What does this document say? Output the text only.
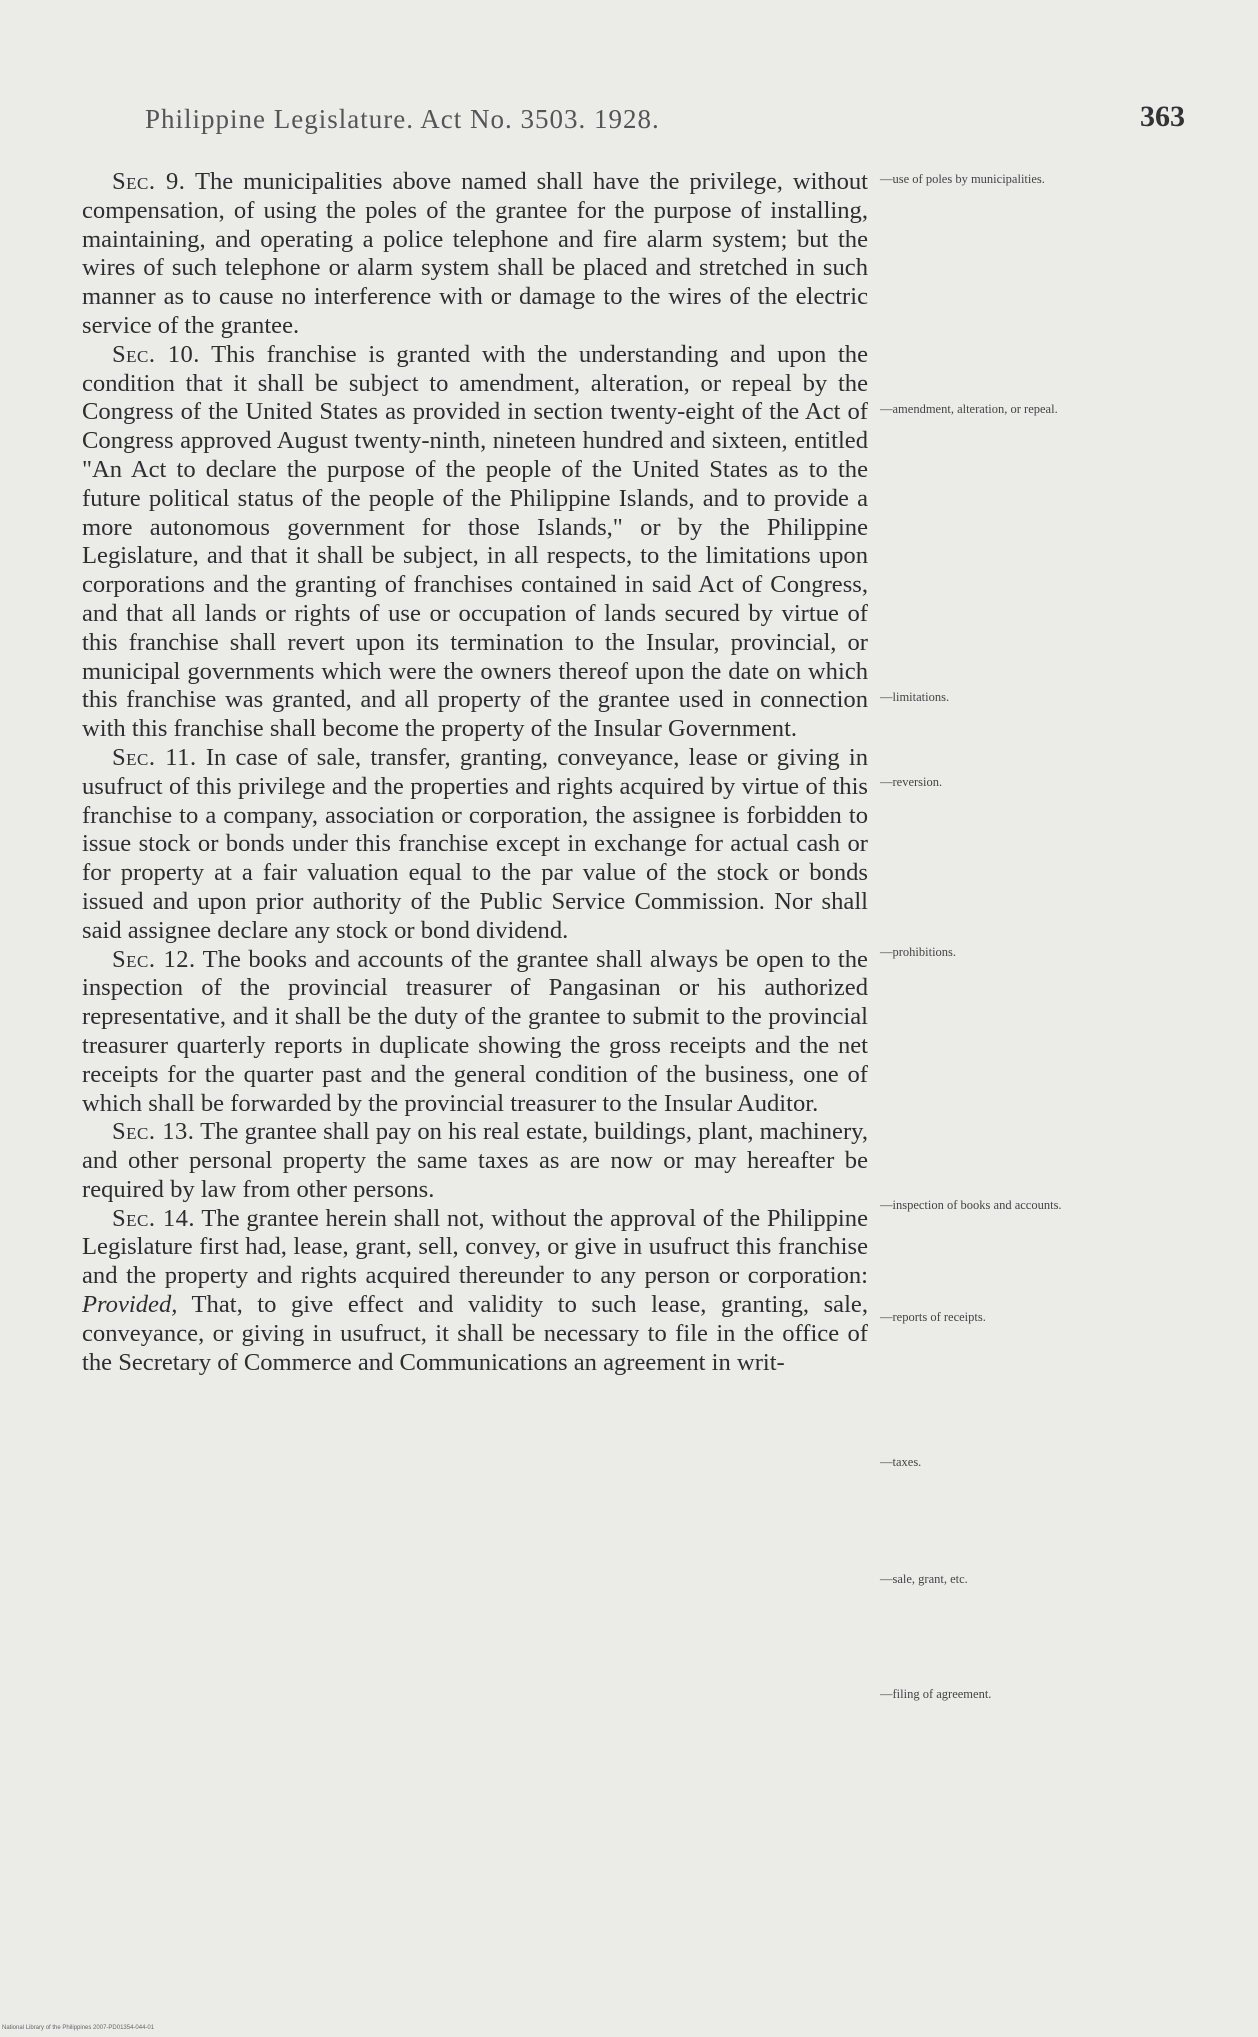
Philippine Legislature. Act No. 3503. 1928.	363

Sec. 9. The municipalities above named shall have the privilege, without compensation, of using the poles of the grantee for the purpose of installing, maintaining, and operating a police telephone and fire alarm system; but the wires of such telephone or alarm system shall be placed and stretched in such manner as to cause no interference with or damage to the wires of the electric service of the grantee.

Sec. 10. This franchise is granted with the understanding and upon the condition that it shall be subject to amendment, alteration, or repeal by the Congress of the United States as provided in section twenty-eight of the Act of Congress approved August twenty-ninth, nineteen hundred and sixteen, entitled "An Act to declare the purpose of the people of the United States as to the future political status of the people of the Philippine Islands, and to provide a more autonomous government for those Islands," or by the Philippine Legislature, and that it shall be subject, in all respects, to the limitations upon corporations and the granting of franchises contained in said Act of Congress, and that all lands or rights of use or occupation of lands secured by virtue of this franchise shall revert upon its termination to the Insular, provincial, or municipal governments which were the owners thereof upon the date on which this franchise was granted, and all property of the grantee used in connection with this franchise shall become the property of the Insular Government.

Sec. 11. In case of sale, transfer, granting, conveyance, lease or giving in usufruct of this privilege and the properties and rights acquired by virtue of this franchise to a company, association or corporation, the assignee is forbidden to issue stock or bonds under this franchise except in exchange for actual cash or for property at a fair valuation equal to the par value of the stock or bonds issued and upon prior authority of the Public Service Commission. Nor shall said assignee declare any stock or bond dividend.

Sec. 12. The books and accounts of the grantee shall always be open to the inspection of the provincial treasurer of Pangasinan or his authorized representative, and it shall be the duty of the grantee to submit to the provincial treasurer quarterly reports in duplicate showing the gross receipts and the net receipts for the quarter past and the general condition of the business, one of which shall be forwarded by the provincial treasurer to the Insular Auditor.

Sec. 13. The grantee shall pay on his real estate, buildings, plant, machinery, and other personal property the same taxes as are now or may hereafter be required by law from other persons.

Sec. 14. The grantee herein shall not, without the approval of the Philippine Legislature first had, lease, grant, sell, convey, or give in usufruct this franchise and the property and rights acquired thereunder to any person or corporation: Provided, That, to give effect and validity to such lease, granting, sale, conveyance, or giving in usufruct, it shall be necessary to file in the office of the Secretary of Commerce and Communications an agreement in writ-

—use of poles by municipalities.
—amendment, alteration, or repeal.
—limitations.
—reversion.
—prohibitions.
—inspection of books and accounts.
—reports of receipts.
—taxes.
—sale, grant, etc.
—filing of agreement.
National Library of the Philippines 2007-PD01354-044-01
